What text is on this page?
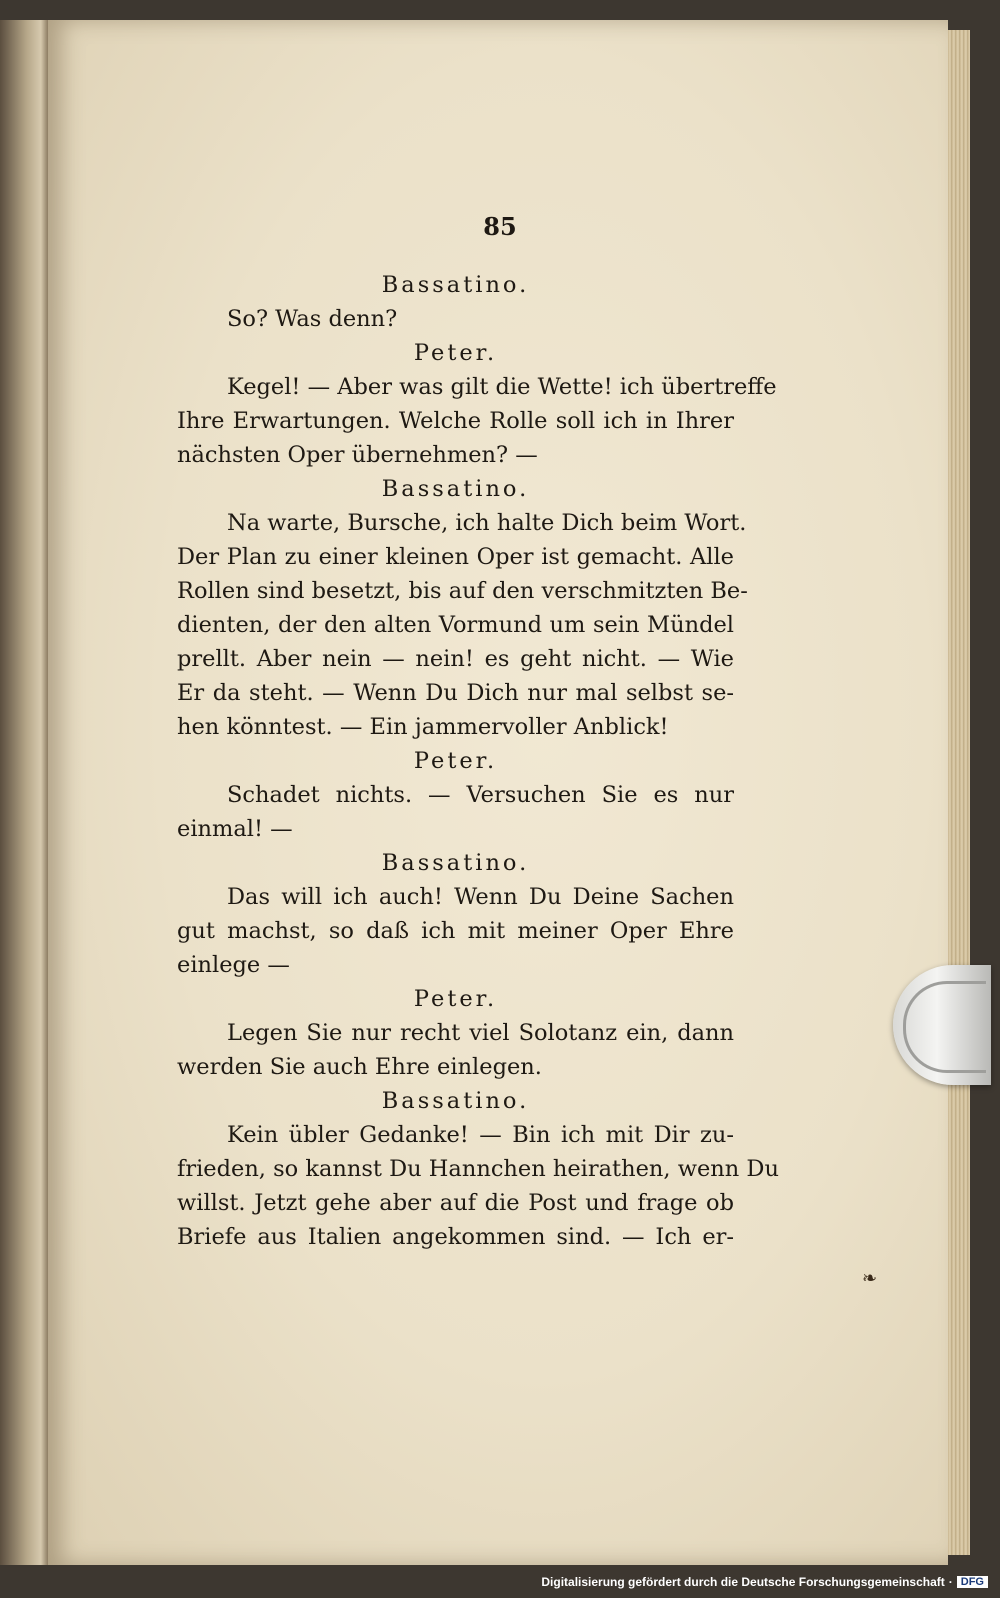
85
Bassatino.
So? Was denn?
Peter.
Kegel! — Aber was gilt die Wette! ich übertreffe
Ihre Erwartungen. Welche Rolle soll ich in Ihrer
nächsten Oper übernehmen? —
Bassatino.
Na warte, Bursche, ich halte Dich beim Wort.
Der Plan zu einer kleinen Oper ist gemacht. Alle
Rollen sind besetzt, bis auf den verschmitzten Be-
dienten, der den alten Vormund um sein Mündel
prellt. Aber nein — nein! es geht nicht. — Wie
Er da steht. — Wenn Du Dich nur mal selbst se-
hen könntest. — Ein jammervoller Anblick!
Peter.
Schadet nichts. — Versuchen Sie es nur
einmal! —
Bassatino.
Das will ich auch! Wenn Du Deine Sachen
gut machst, so daß ich mit meiner Oper Ehre
einlege —
Peter.
Legen Sie nur recht viel Solotanz ein, dann
werden Sie auch Ehre einlegen.
Bassatino.
Kein übler Gedanke! — Bin ich mit Dir zu-
frieden, so kannst Du Hannchen heirathen, wenn Du
willst. Jetzt gehe aber auf die Post und frage ob
Briefe aus Italien angekommen sind. — Ich er-
❧
Digitalisierung gefördert durch die Deutsche Forschungsgemeinschaft · DFG
